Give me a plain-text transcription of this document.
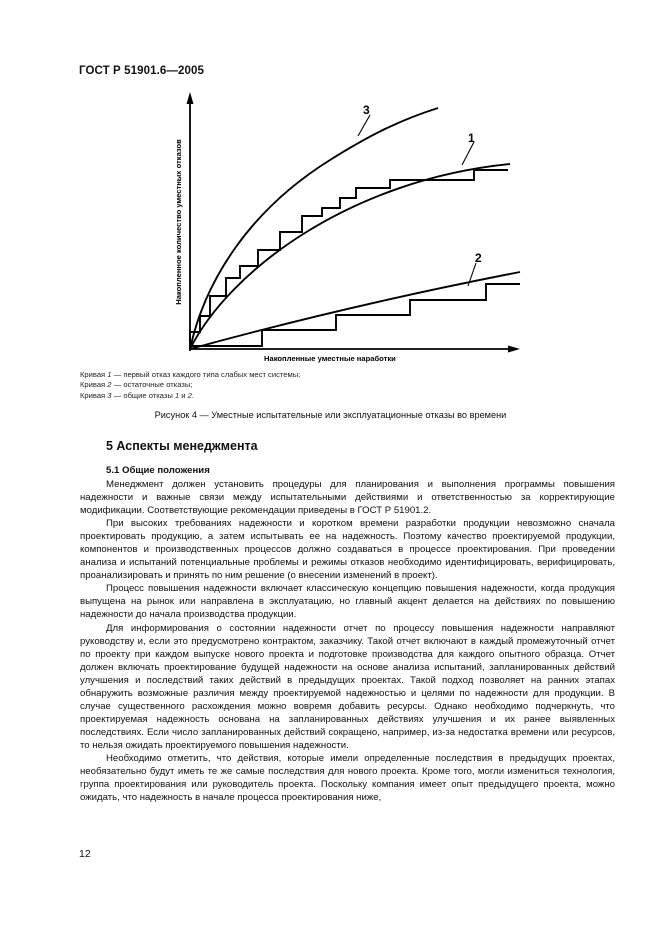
ГОСТ Р 51901.6—2005
3
1
2
Накопленное количество уместных отказов
Накопленные уместные наработки
Кривая 1 — первый отказ каждого типа слабых мест системы;
Кривая 2 — остаточные отказы;
Кривая 3 — общие отказы 1 и 2.
Рисунок 4 — Уместные испытательные или эксплуатационные отказы во времени
5 Аспекты менеджмента
5.1 Общие положения

Менеджмент должен установить процедуры для планирования и выполнения программы повышения надежности и важные связи между испытательными действиями и ответственностью за корректирующие модификации. Соответствующие рекомендации приведены в ГОСТ Р 51901.2.

При высоких требованиях надежности и коротком времени разработки продукции невозможно сначала проектировать продукцию, а затем испытывать ее на надежность. Поэтому качество проектируемой продукции, компонентов и производственных процессов должно создаваться в процессе проектирования. При проведении анализа и испытаний потенциальные проблемы и режимы отказов необходимо идентифицировать, верифицировать, проанализировать и принять по ним решение (о внесении изменений в проект).

Процесс повышения надежности включает классическую концепцию повышения надежности, когда продукция выпущена на рынок или направлена в эксплуатацию, но главный акцент делается на действиях по повышению надежности до начала производства продукции.

Для информирования о состоянии надежности отчет по процессу повышения надежности направляют руководству и, если это предусмотрено контрактом, заказчику. Такой отчет включают в каждый промежуточный отчет по проекту при каждом выпуске нового проекта и подготовке производства для каждого опытного образца. Отчет должен включать проектирование будущей надежности на основе анализа испытаний, запланированных действий улучшения и последствий таких действий в предыдущих проектах. Такой подход позволяет на ранних этапах обнаружить возможные различия между проектируемой надежностью и целями по надежности для продукции. В случае существенного расхождения можно вовремя добавить ресурсы. Однако необходимо подчеркнуть, что проектируемая надежность основана на запланированных действиях улучшения и их ранее выявленных последствиях. Если число запланированных действий сокращено, например, из-за недостатка времени или ресурсов, то нельзя ожидать проектируемого повышения надежности.

Необходимо отметить, что действия, которые имели определенные последствия в предыдущих проектах, необязательно будут иметь те же самые последствия для нового проекта. Кроме того, могли измениться технология, группа проектирования или руководитель проекта. Поскольку компания имеет опыт предыдущего проекта, можно ожидать, что надежность в начале процесса проектирования ниже,

12
